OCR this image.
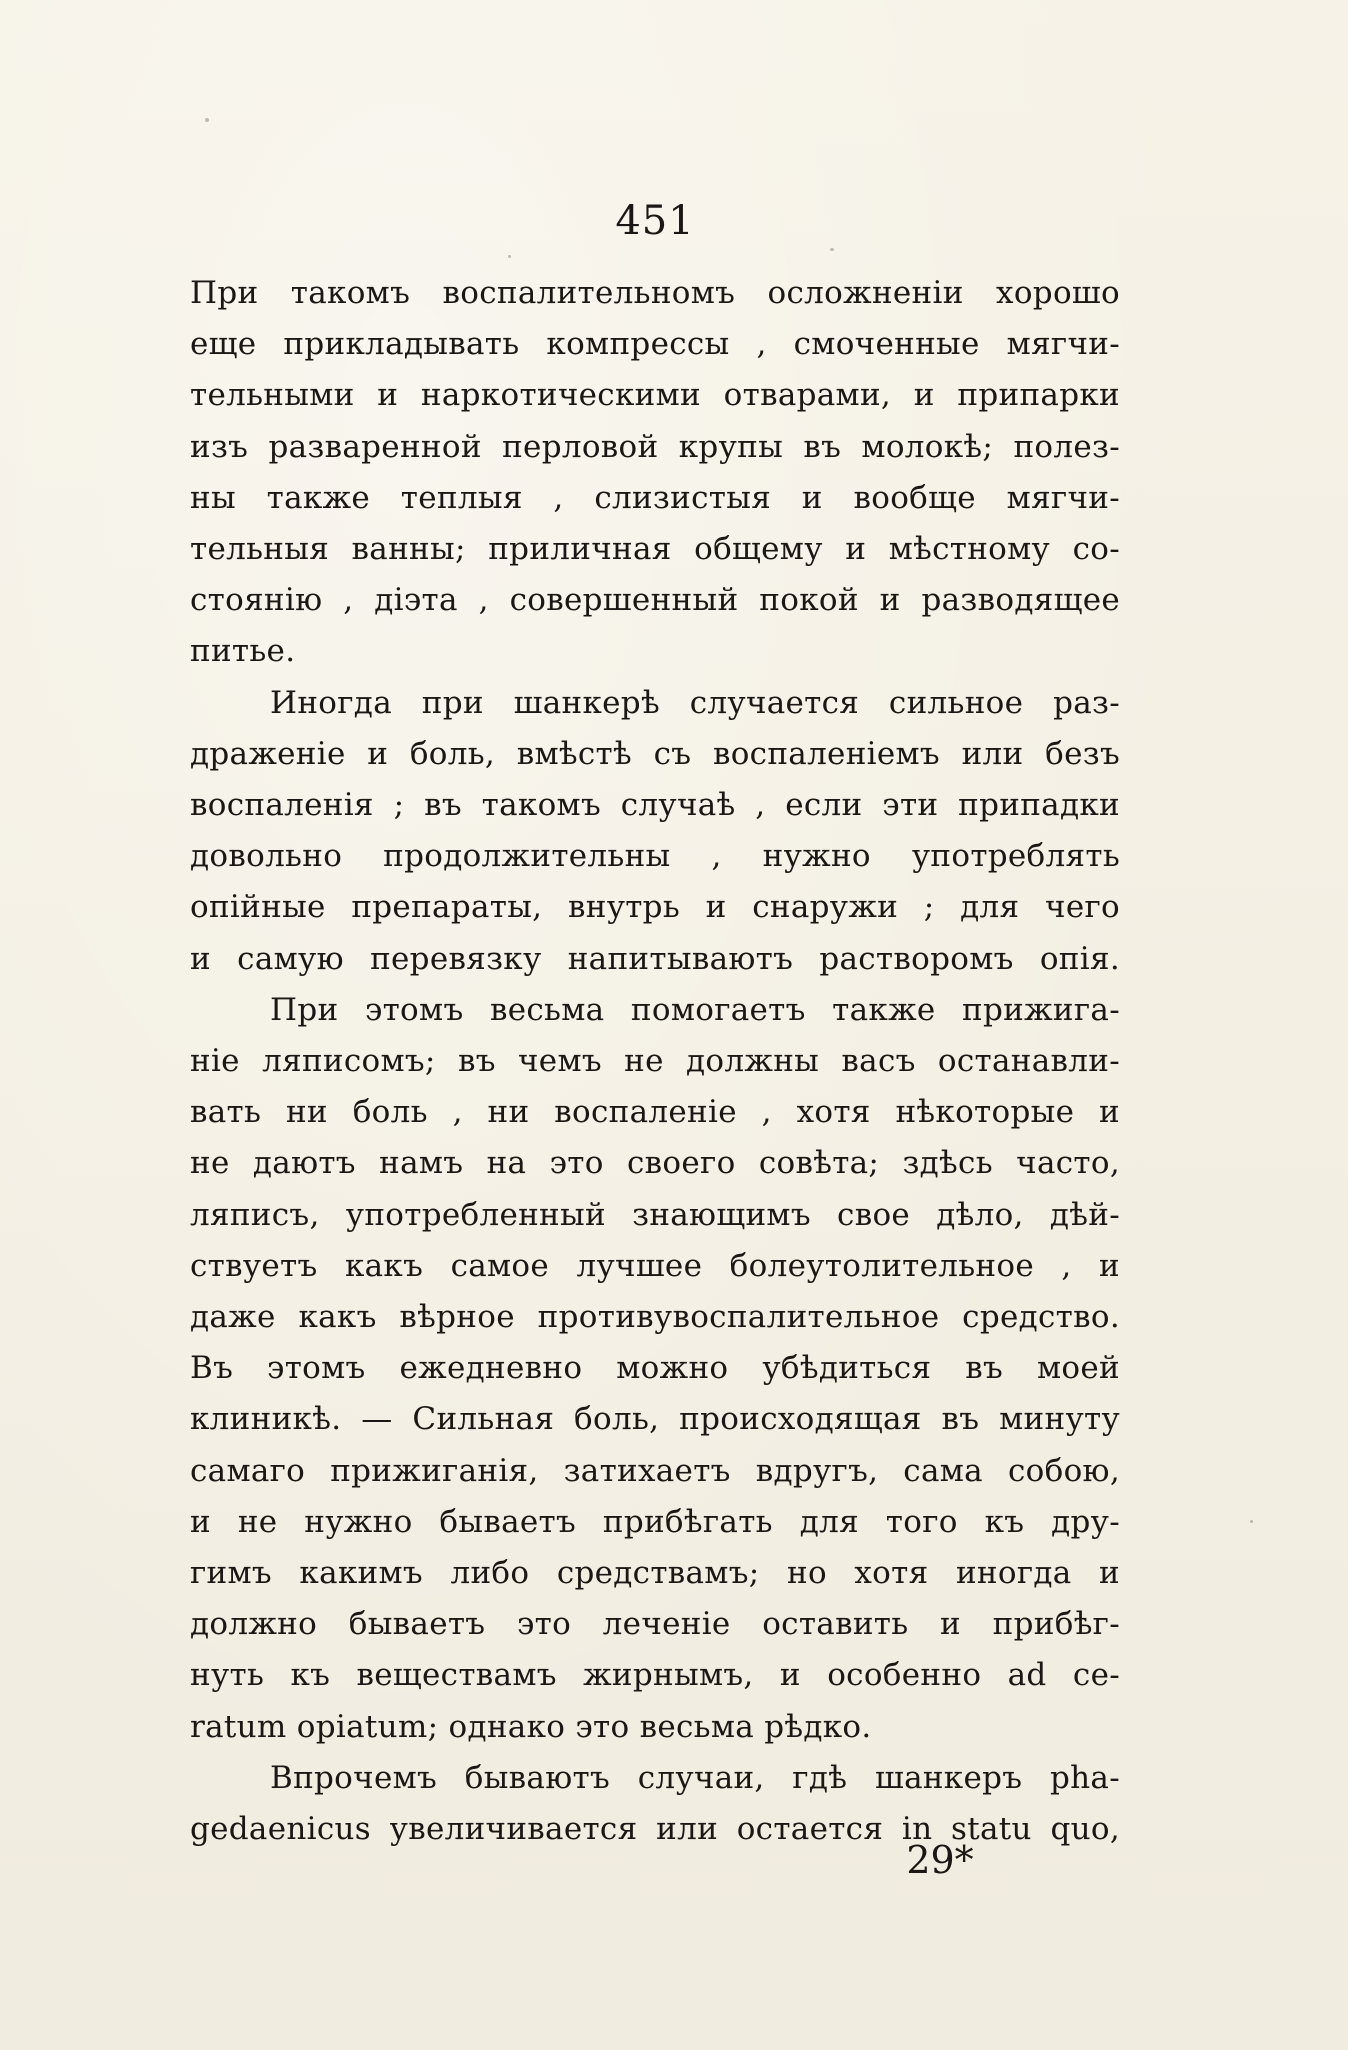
451

При такомъ воспалительномъ осложненіи хорошо
еще прикладывать компрессы , смоченные мягчи-
тельными и наркотическими отварами, и припарки
изъ разваренной перловой крупы въ молокѣ; полез-
ны также теплыя , слизистыя и вообще мягчи-
тельныя ванны; приличная общему и мѣстному со-
стоянію , діэта , совершенный покой и разводящее
питье.

Иногда при шанкерѣ случается сильное раз-
драженіе и боль, вмѣстѣ съ воспаленіемъ или безъ
воспаленія ; въ такомъ случаѣ , если эти припадки
довольно продолжительны , нужно употреблять
опійные препараты, внутрь и снаружи ; для чего
и самую перевязку напитываютъ растворомъ опія.

При этомъ весьма помогаетъ также прижига-
ніе ляписомъ; въ чемъ не должны васъ останавли-
вать ни боль , ни воспаленіе , хотя нѣкоторые и
не даютъ намъ на это своего совѣта; здѣсь часто,
ляписъ, употребленный знающимъ свое дѣло, дѣй-
ствуетъ какъ самое лучшее болеутолительное , и
даже какъ вѣрное противувоспалительное средство.
Въ этомъ ежедневно можно убѣдиться въ моей
клиникѣ. — Сильная боль, происходящая въ минуту
самаго прижиганія, затихаетъ вдругъ, сама собою,
и не нужно бываетъ прибѣгать для того къ дру-
гимъ какимъ либо средствамъ; но хотя иногда и
должно бываетъ это леченіе оставить и прибѣг-
нуть къ веществамъ жирнымъ, и особенно ad ce-
ratum opiatum; однако это весьма рѣдко.

Впрочемъ бываютъ случаи, гдѣ шанкеръ pha-
gedaenicus увеличивается или остается in statu quo,

29*
